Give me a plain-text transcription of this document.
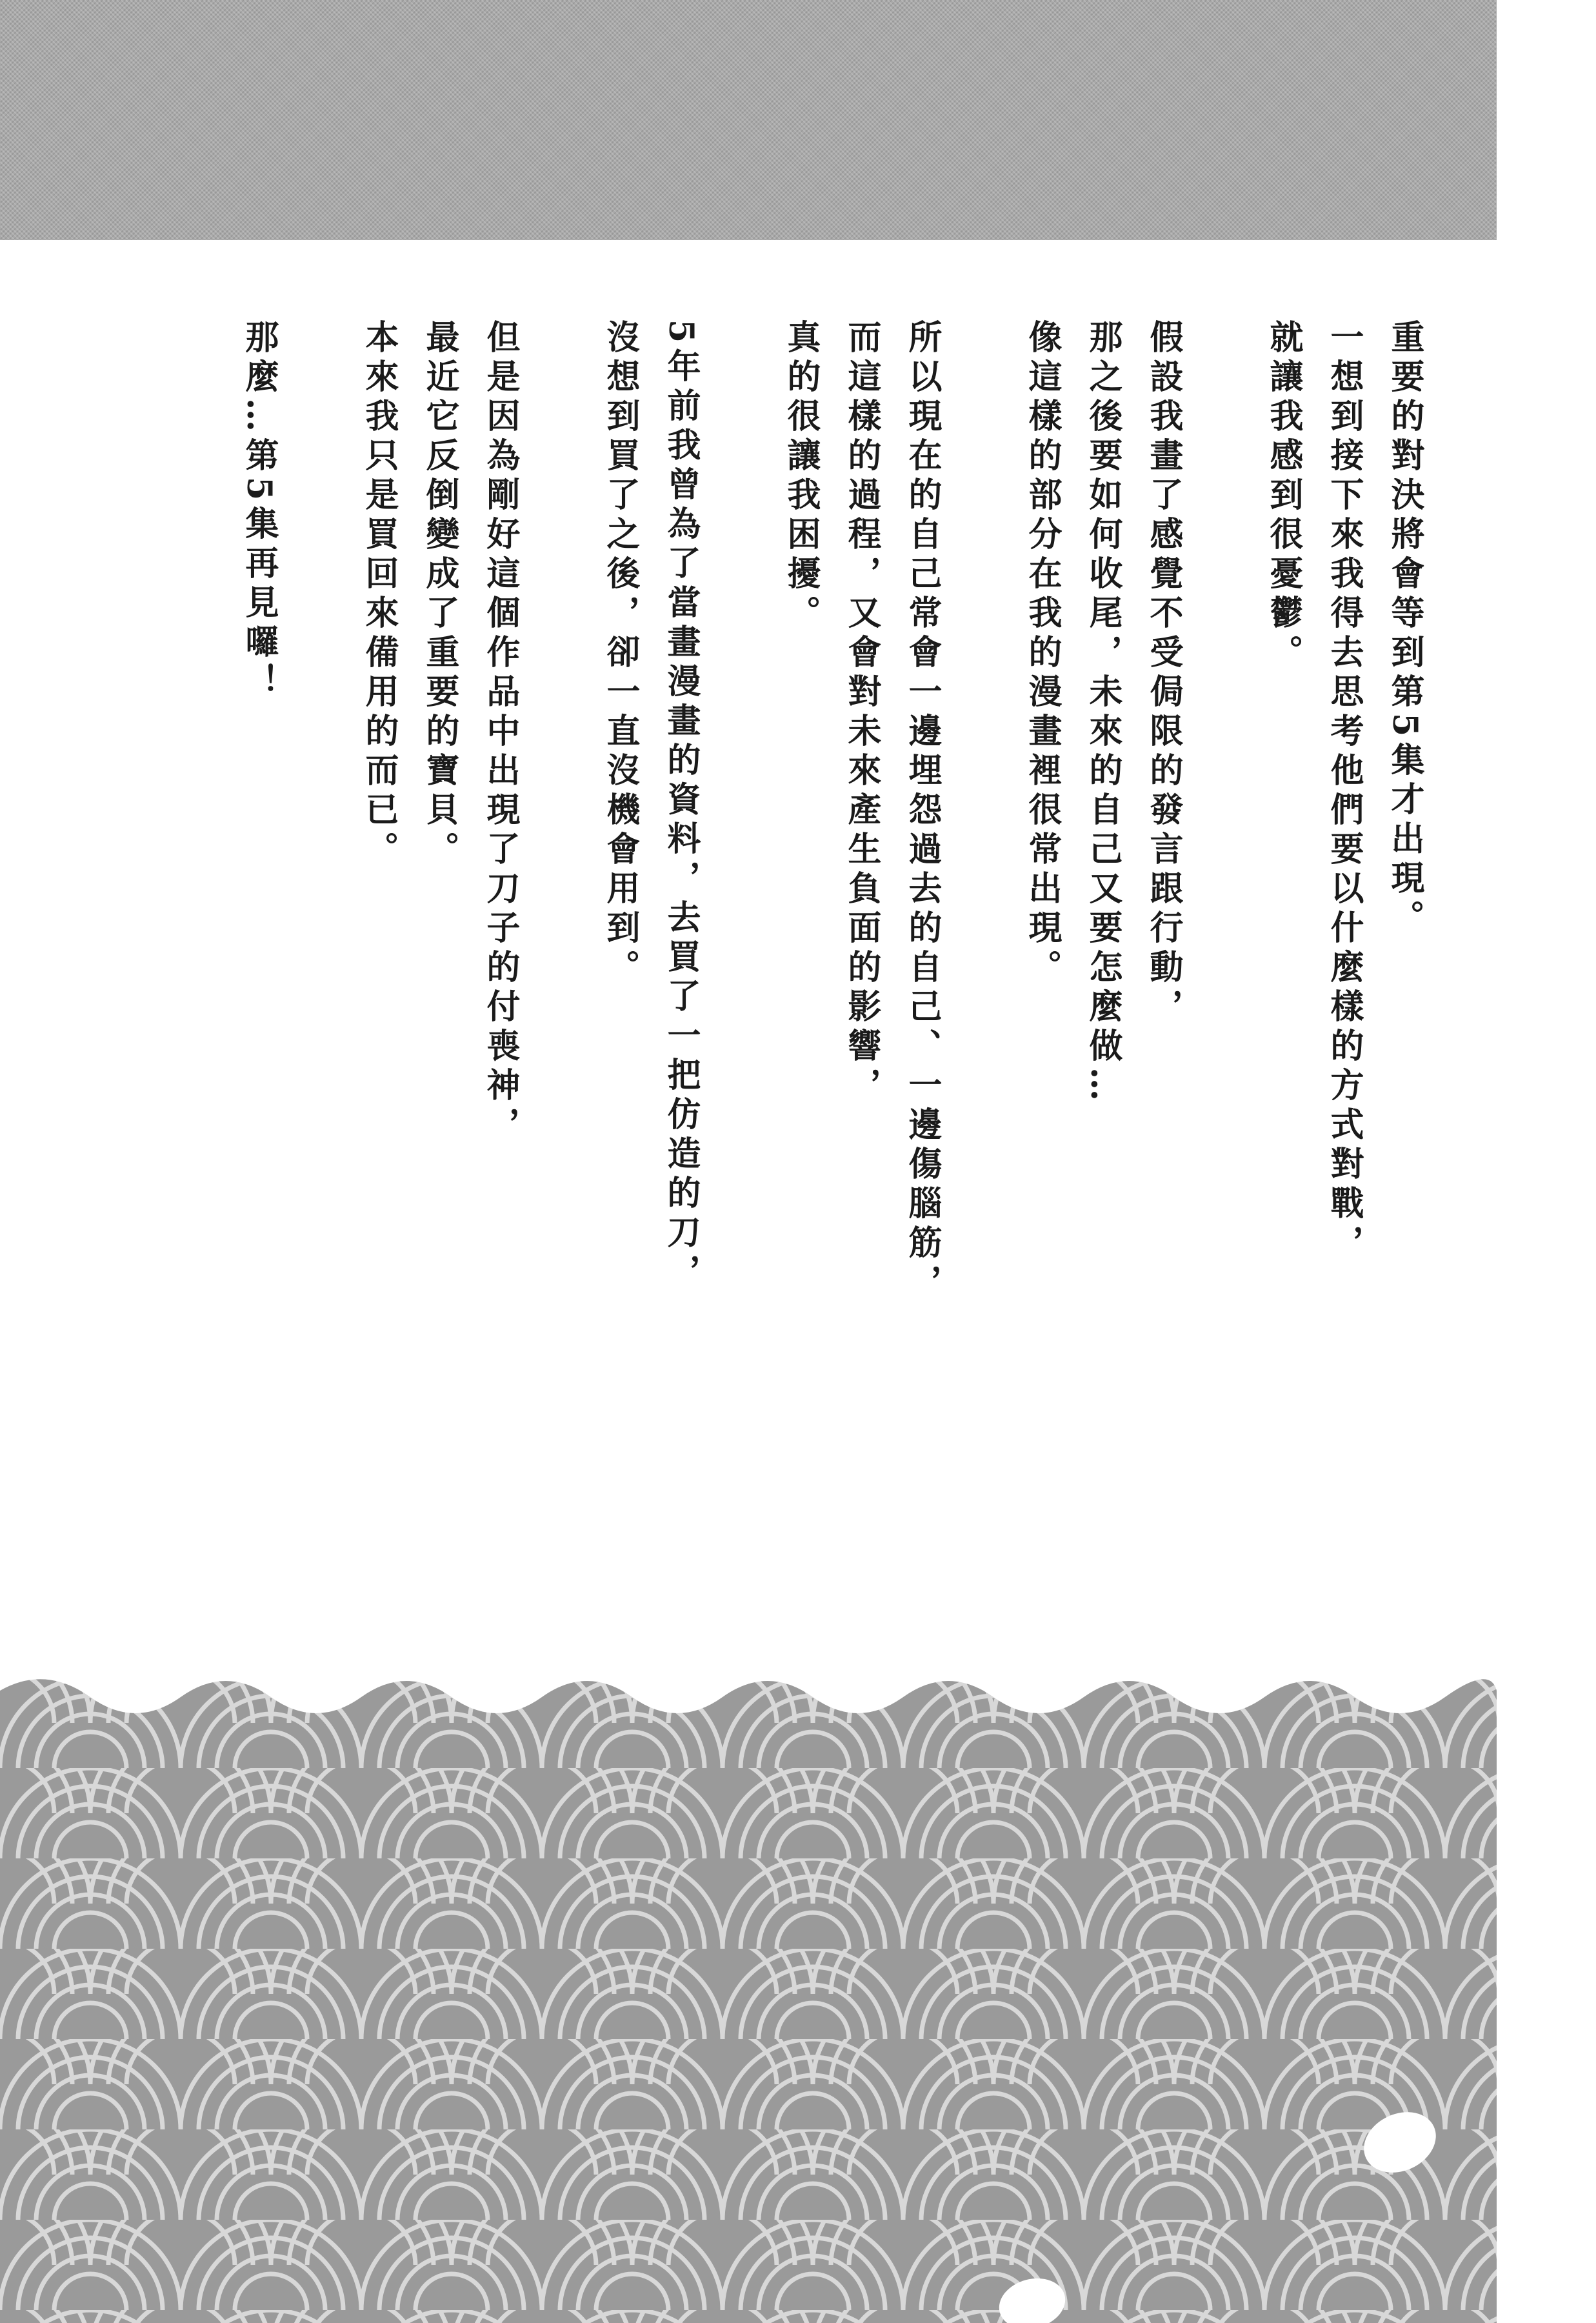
重要的對決將會等到第5集才出現。
一想到接下來我得去思考他們要以什麼樣的方式對戰，
就讓我感到很憂鬱。
假設我畫了感覺不受侷限的發言跟行動，
那之後要如何收尾，未來的自己又要怎麼做…
像這樣的部分在我的漫畫裡很常出現。
所以現在的自己常會一邊埋怨過去的自己、一邊傷腦筋，
而這樣的過程，又會對未來產生負面的影響，
真的很讓我困擾。
5年前我曾為了當畫漫畫的資料，去買了一把仿造的刀，
沒想到買了之後，卻一直沒機會用到。
但是因為剛好這個作品中出現了刀子的付喪神，
最近它反倒變成了重要的寶貝。
本來我只是買回來備用的而已。
那麼…第5集再見囉！
